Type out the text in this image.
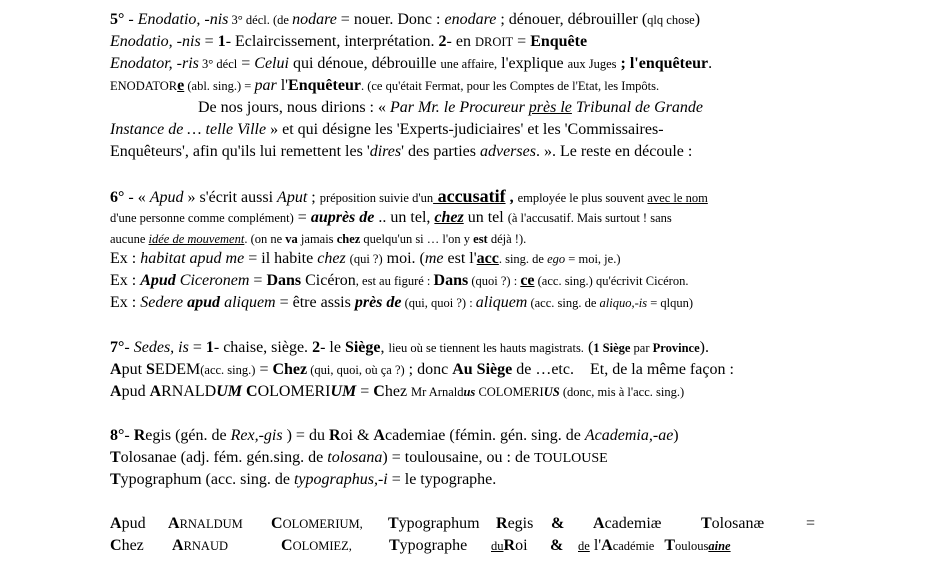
5° - Enodatio, -nis 3° décl. (de nodare = nouer. Donc : enodare ; dénouer, débrouiller (qlq chose)
Enodatio, -nis = 1- Eclaircissement, interprétation. 2- en DROIT = Enquête
Enodator, -ris 3° décl = Celui qui dénoue, débrouille une affaire, l'explique aux Juges ; l'enquêteur.
ENODATORe (abl. sing.) = par l'Enquêteur. (ce qu'était Fermat, pour les Comptes de l'Etat, les Impôts.
De nos jours, nous dirions : « Par Mr. le Procureur près le Tribunal de Grande
Instance de … telle Ville » et qui désigne les 'Experts-judiciaires' et les 'Commissaires-
Enquêteurs', afin qu'ils lui remettent les 'dires' des parties adverses. ». Le reste en découle :
6° - « Apud » s'écrit aussi Aput ; préposition suivie d'un accusatif , employée le plus souvent avec le nom
d'une personne comme complément) = auprès de .. un tel, chez un tel (à l'accusatif. Mais surtout ! sans
aucune idée de mouvement. (on ne va jamais chez quelqu'un si … l'on y est déjà !).
Ex : habitat apud me = il habite chez (qui ?) moi. (me est l'acc. sing. de ego = moi, je.)
Ex : Apud Ciceronem = Dans Cicéron, est au figuré : Dans (quoi ?) : ce (acc. sing.) qu'écrivit Cicéron.
Ex : Sedere apud aliquem = être assis près de (qui, quoi ?) : aliquem (acc. sing. de aliquo,-is = qlqun)
7°- Sedes, is = 1- chaise, siège. 2- le Siège, lieu où se tiennent les hauts magistrats. (1 Siège par Province).
Aput SEDEM(acc. sing.) = Chez (qui, quoi, où ça ?) ; donc Au Siège de …etc.    Et, de la même façon :
Apud ARNALDUM COLOMERIUM = Chez Mr Arnaldus COLOMERIUS (donc, mis à l'acc. sing.)
8°- Regis (gén. de Rex,-gis ) = du Roi & Academiae (fémin. gén. sing. de Academia,-ae)
Tolosanae (adj. fém. gén.sing. de tolosana) = toulousaine, ou : de TOULOUSE
Typographum (acc. sing. de typographus,-i = le typographe.
Apud ARNALDUM COLOMERIUM, Typographum Regis & Academiæ Tolosanæ	=
Chez ARNAUD	COLOMIEZ, Typographe duRoi & de l'Académie Toulousaine
